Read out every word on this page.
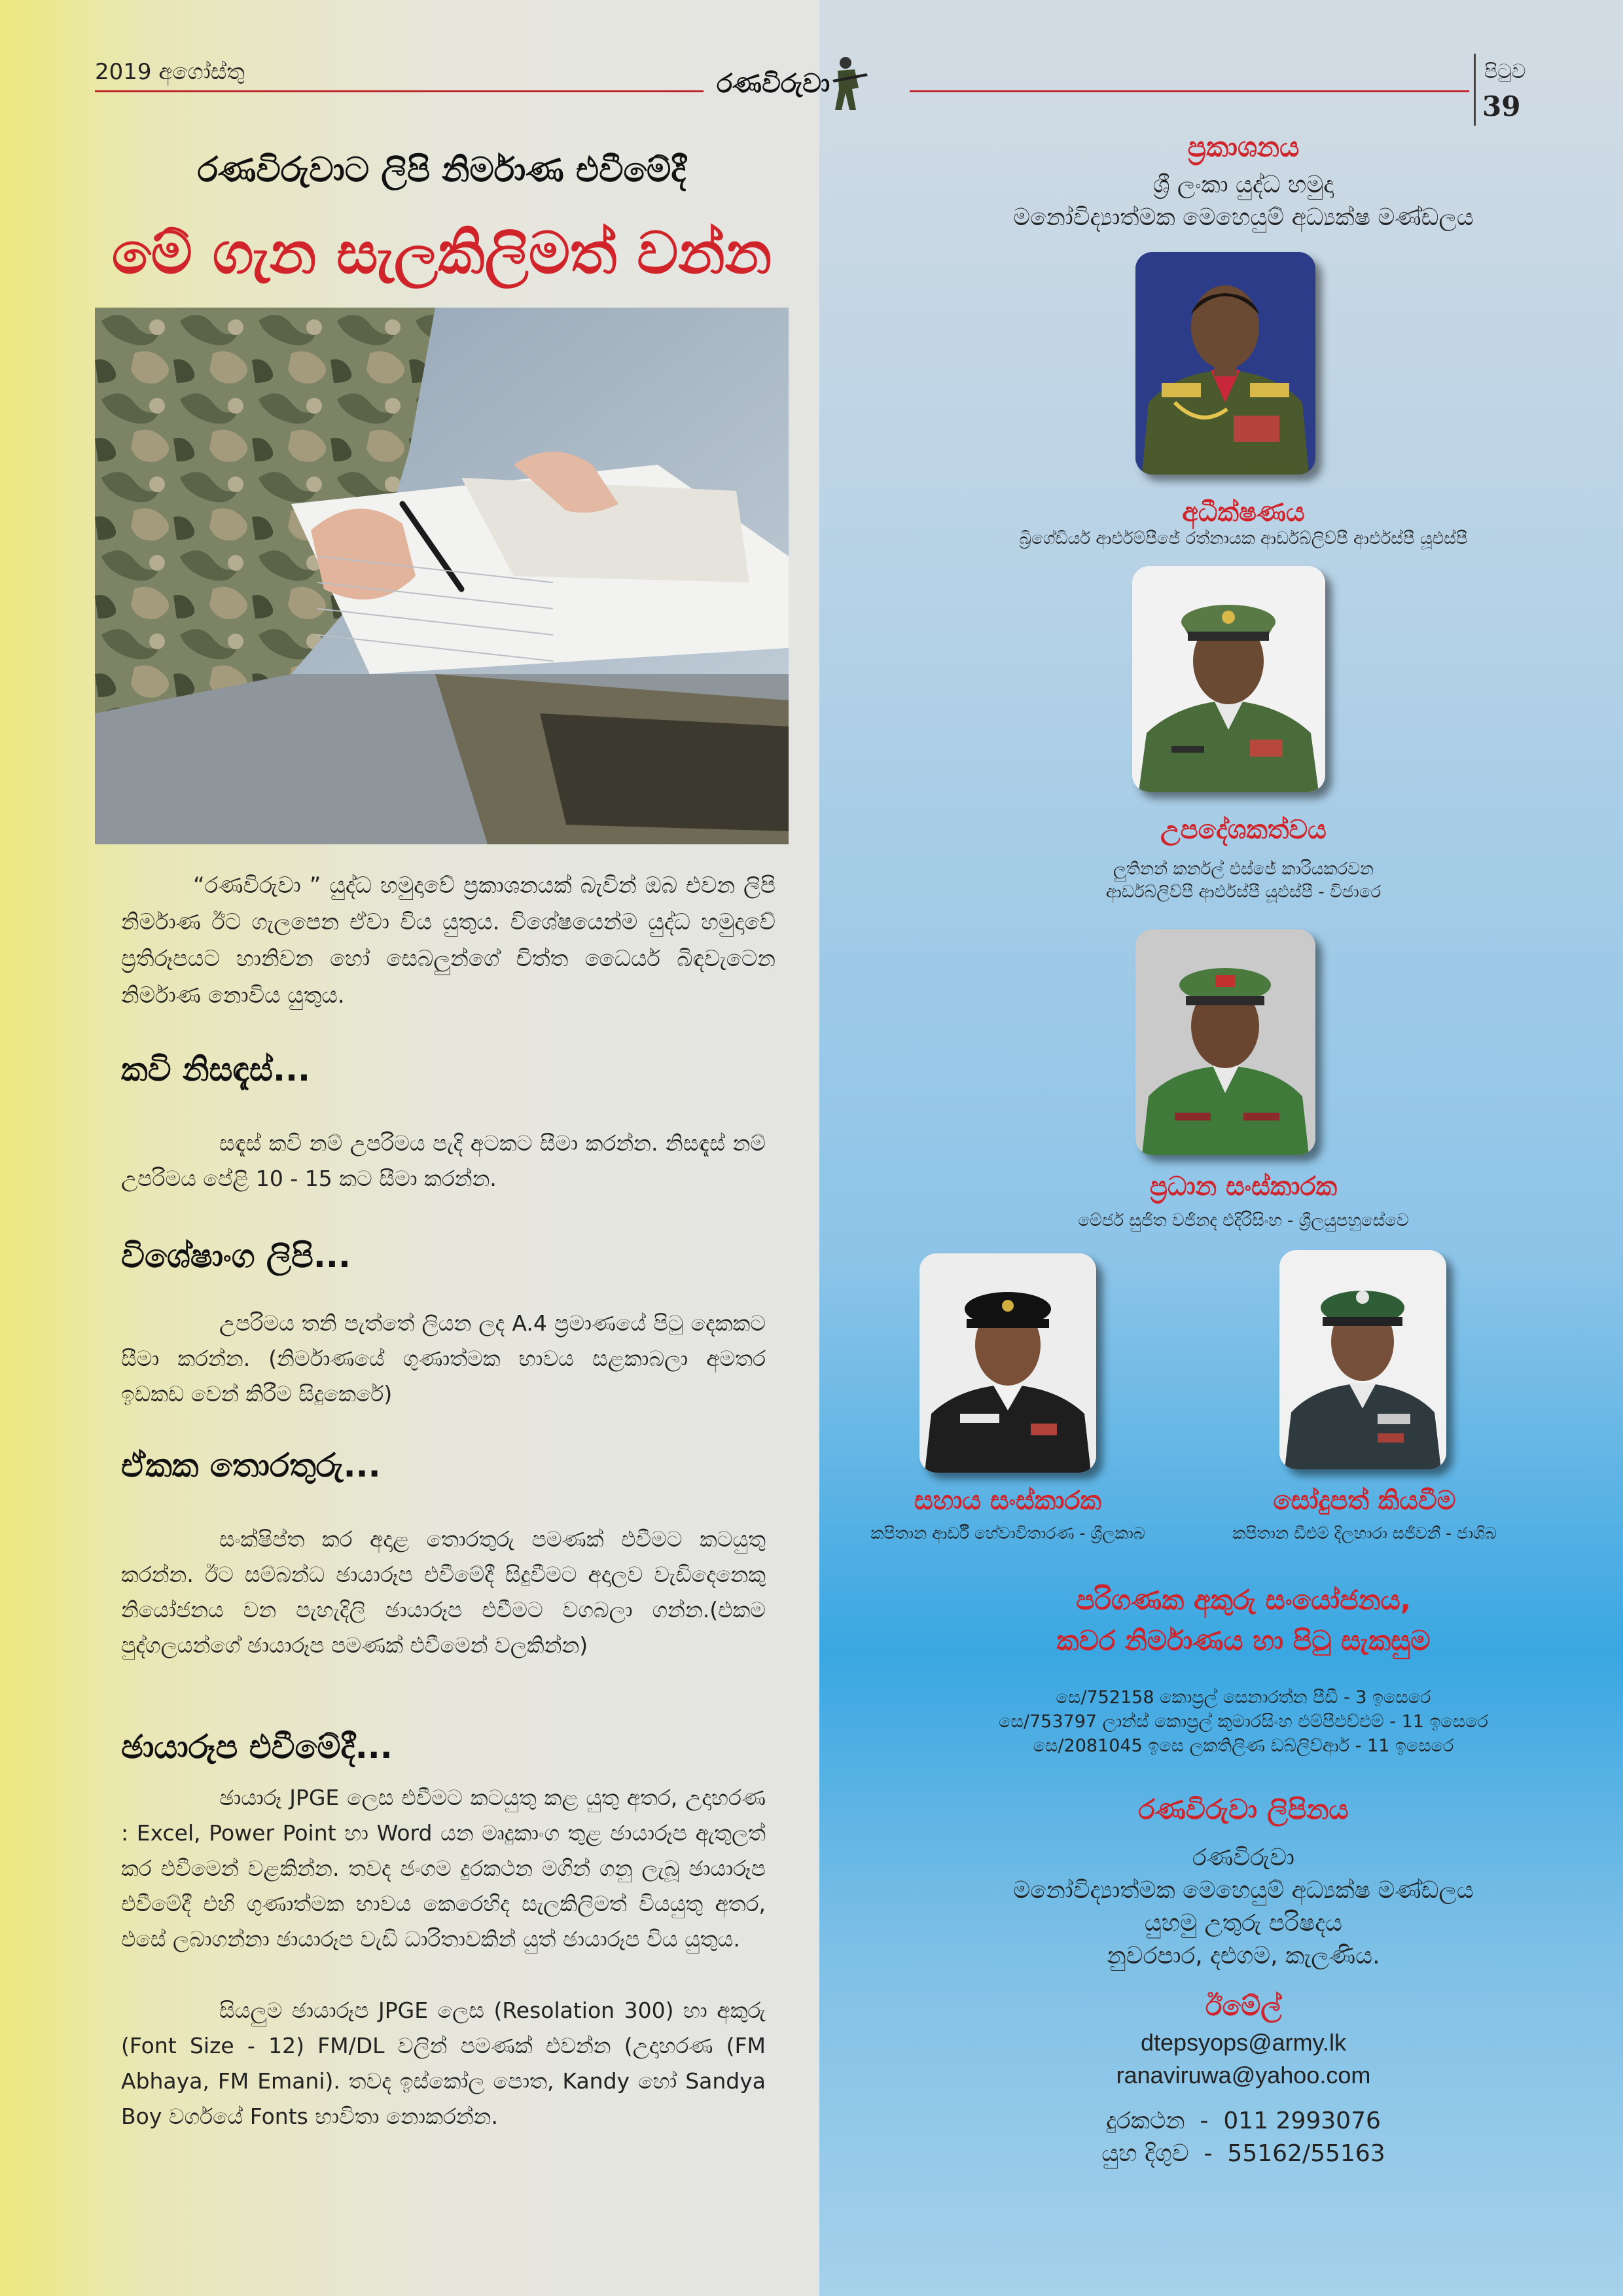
2019 අගෝස්තු	රණවිරුවා	පිටුව
39
රණවිරුවාට ලිපි නිර්මාණ එවීමේදී
මේ ගැන සැලකිලිමත් වන්න
“රණවිරුවා ” යුද්ධ හමුදාවේ ප්‍රකාශනයක් බැවින් ඔබ එවන ලිපි නිර්මාණ ඊට ගැලපෙන ඒවා විය යුතුය. විශේෂයෙන්ම යුද්ධ හමුදාවේ ප්‍රතිරූපයට හානිවන හෝ සෙබලුන්ගේ චිත්ත ධෛර්ය බිඳවැටෙන නිර්මාණ නොවිය යුතුය.
කවි නිසඳැස්...
සඳැස් කවි නම් උපරිමය පැදි අටකට සීමා කරන්න. නිසඳැස් නම් උපරිමය පේළි 10 - 15 කට සීමා කරන්න.
විශේෂාංග ලිපි...
උපරිමය තනි පැත්තේ ලියන ලද A.4 ප්‍රමාණයේ පිටු දෙකකට සීමා කරන්න. (නිර්මාණයේ ගුණාත්මක භාවය සළකාබලා අමතර ඉඩකඩ වෙන් කිරීම සිදුකෙරේ)
ඒකක තොරතුරු...
සංක්ෂිප්ත කර අදාළ තොරතුරු පමණක් එවීමට කටයුතු කරන්න. ඊට සම්බන්ධ ඡායාරූප එවීමේදී සිදුවීමට අදාලව වැඩිදෙනෙකු නියෝජනය වන පැහැදිලි ඡායාරූප එවීමට වගබලා ගන්න.(එකම පුද්ගලයන්ගේ ඡායාරූප පමණක් එවීමෙන් වලකින්න)
ඡායාරූප එවීමේදී...
ඡායාරූ JPGE ලෙස එවීමට කටයුතු කළ යුතු අතර, උදාහරණ : Excel, Power Point හා Word යන මෘදුකාංග තුළ ඡායාරූප ඇතුලත් කර එවීමෙන් වළකින්න. තවද ජංගම දුරකථන මගින් ගනු ලැබූ ඡායාරූප එවීමේදී එහි ගුණාත්මක භාවය කෙරෙහිද සැලකිලිමත් වියයුතු අතර, එසේ ලබාගන්නා ඡායාරූප වැඩි ධාරිතාවකින් යුත් ඡායාරූප විය යුතුය.
සියලුම ඡායාරූප JPGE ලෙස (Resolation 300) හා අකුරු (Font Size - 12) FM/DL වලින් පමණක් එවන්න (උදාහරණ (FM Abhaya, FM Emani). තවද ඉස්කෝල පොත, Kandy හෝ Sandya Boy වර්ගයේ Fonts භාවිතා නොකරන්න.
ප්‍රකාශනය
ශ්‍රී ලංකා යුද්ධ හමුදා
මනෝවිද්‍යාත්මක මෙහෙයුම් අධ්‍යක්ෂ මණ්ඩලය
අධීක්ෂණය
බ්‍රිගේඩියර් ආර්එම්පීජේ රත්නායක ආර්ඩබ්ලිව්පී ආර්එස්පී යූඑස්පී
උපදේශකත්වය
ලුතිනන් කර්නල් එස්ජේ කාරියකරවන
ආර්ඩබ්ලිව්පී ආර්එස්පී යූඑස්පී - විජාරෙ
ප්‍රධාන සංස්කාරක
මේජර් සුජිත වජිනද එදිරිසිංහ - ශ්‍රීලයුපහුසේවෙ
සහාය සංස්කාරක
කපිතාන ආර්ඩී හේවාවිතාරණ - ශ්‍රීලකාබ
සෝදුපත් කියවීම
කපිතාන ඩීඑම් දිලහාරා සජීවනී - ජාශිබ
පරිගණක අකුරු සංයෝජනය,
කවර නිර්මාණය හා පිටු සැකසුම
සෙ/752158 කොප්‍රල් සෙනාරත්න පීඩී - 3 ඉසෙරෙ
සෙ/753797 ලාන්ස් කොප්‍රල් කුමාරසිංහ එම්පීඑච්එම් - 11 ඉසෙරෙ
සෙ/2081045 ඉසෙ ලකතිලිණ ඩබ්ලිව්ආර් - 11 ඉසෙරෙ
රණවිරුවා ලිපිනය
රණවිරුවා
මනෝවිද්‍යාත්මක මෙහෙයුම් අධ්‍යක්ෂ මණ්ඩලය
යුහමු උතුරු පරිෂදය
නුවරපාර, දළුගම, කැලණිය.
ඊමේල්
dtepsyops@army.lk
ranaviruwa@yahoo.com
දුරකථන  -  011 2993076
යුහ දිගුව  -  55162/55163
